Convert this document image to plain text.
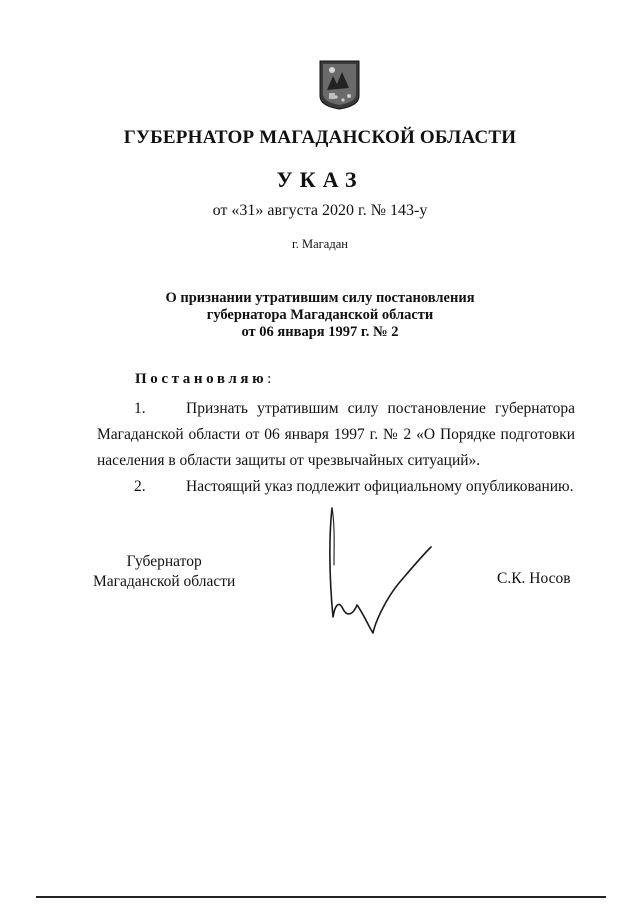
ГУБЕРНАТОР МАГАДАНСКОЙ ОБЛАСТИ
УКАЗ
от «31» августа 2020 г. № 143-у
г. Магадан
О признании утратившим силу постановления
губернатора Магаданской области
от 06 января 1997 г. № 2
Постановляю:
1.	Признать утратившим силу постановление губернатора
Магаданской области от 06 января 1997 г. № 2 «О Порядке подготовки
населения в области защиты от чрезвычайных ситуаций».
2.	Настоящий указ подлежит официальному опубликованию.
Губернатор
Магаданской области	С.К. Носов
